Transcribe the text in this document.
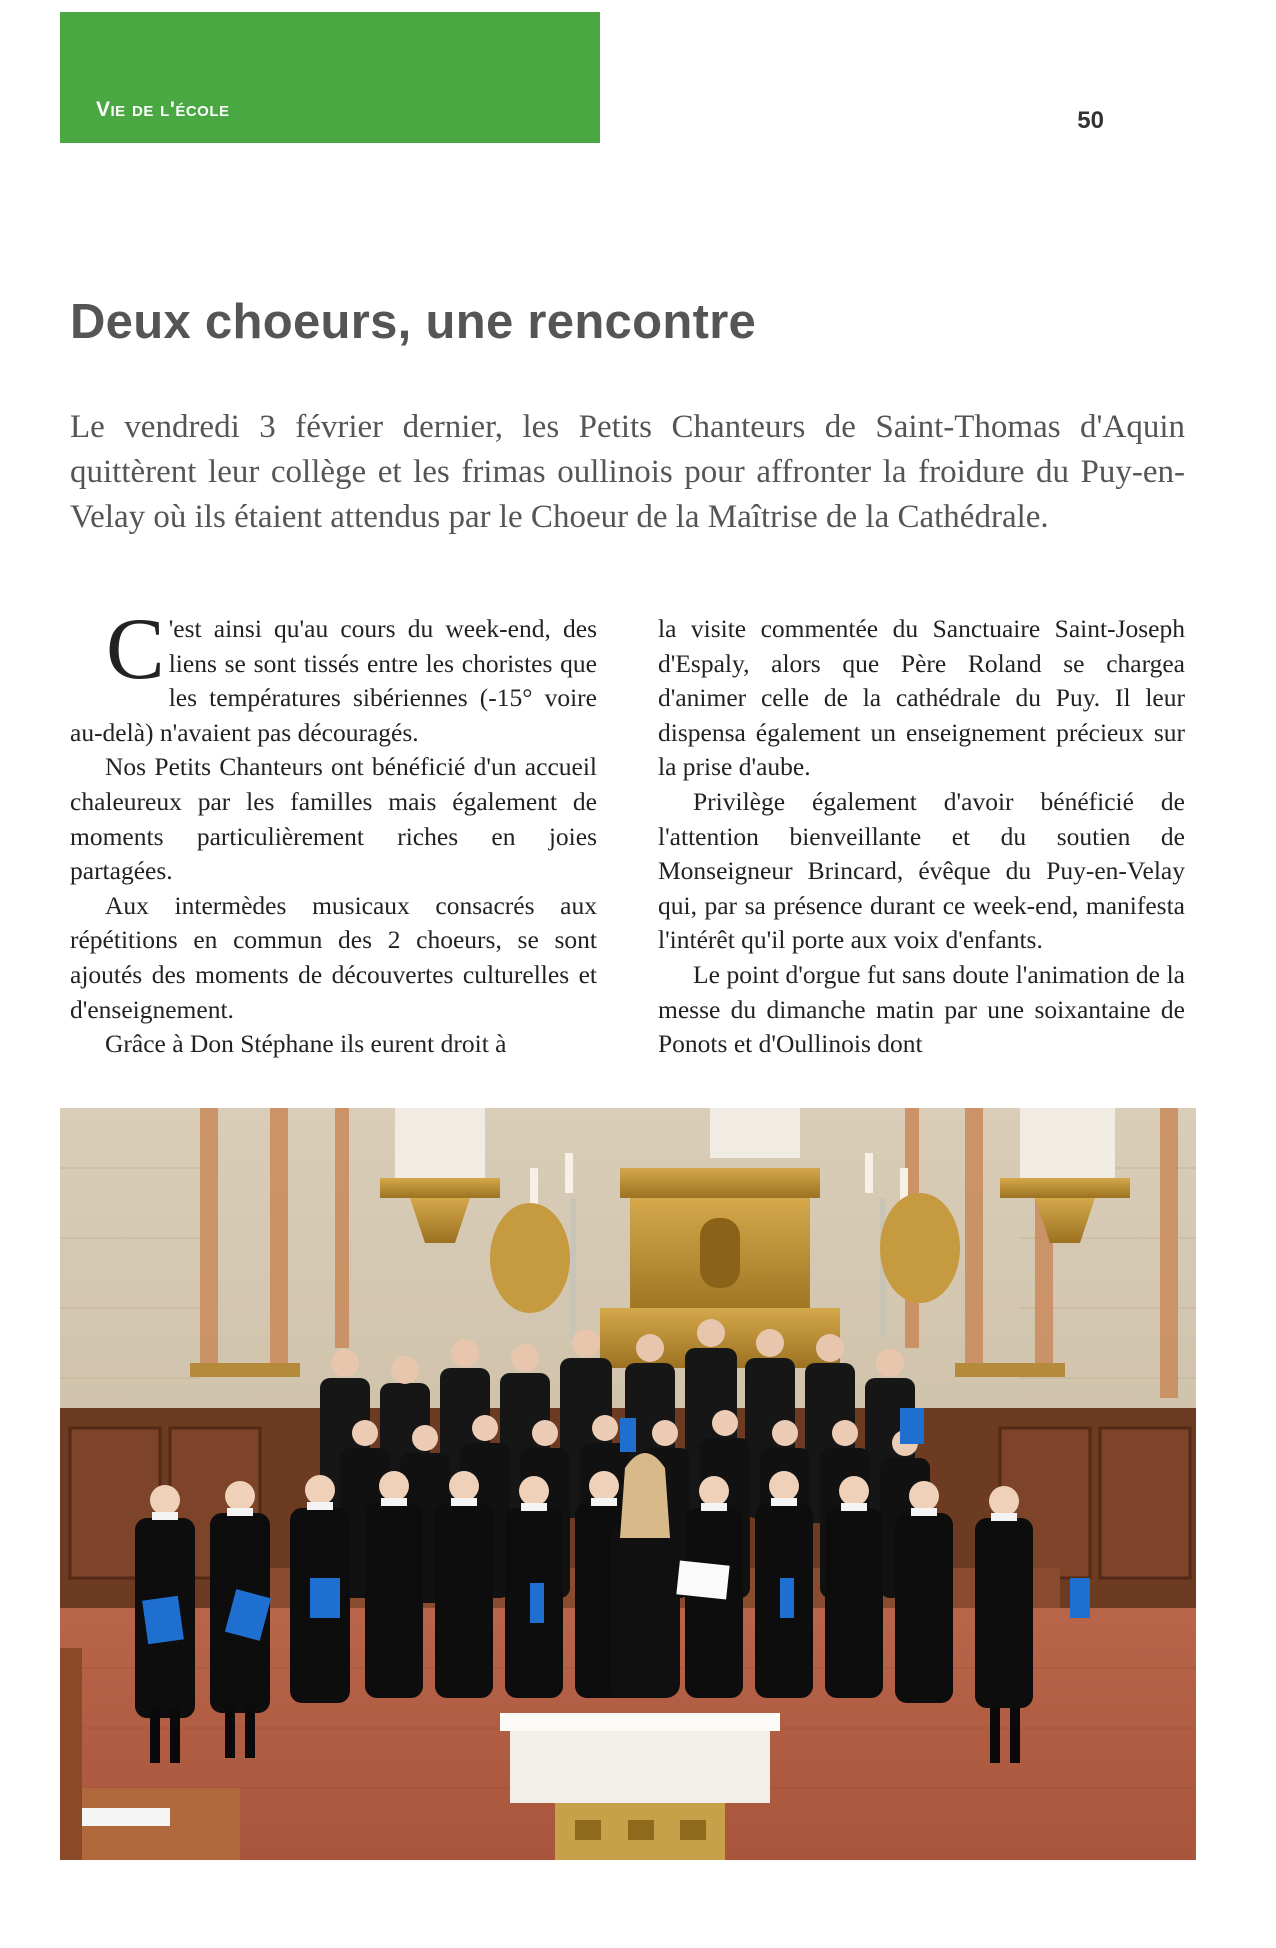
Vie de l'école	50
Deux choeurs, une rencontre

Le vendredi 3 février dernier, les Petits Chanteurs de Saint-Thomas d'Aquin quittèrent leur collège et les frimas oullinois pour affronter la froidure du Puy-en-Velay où ils étaient attendus par le Choeur de la Maîtrise de la Cathédrale.

C 'est ainsi qu'au cours du week-end, des liens se sont tissés entre les choristes que les températures sibériennes (-15° voire au-delà) n'avaient pas découragés.

Nos Petits Chanteurs ont bénéficié d'un accueil chaleureux par les familles mais également de moments particulièrement riches en joies partagées.

Aux intermèdes musicaux consacrés aux répétitions en commun des 2 choeurs, se sont ajoutés des moments de découvertes culturelles et d'enseignement.

Grâce à Don Stéphane ils eurent droit à

la visite commentée du Sanctuaire Saint-Joseph d'Espaly, alors que Père Roland se chargea d'animer celle de la cathédrale du Puy. Il leur dispensa également un enseignement précieux sur la prise d'aube.

Privilège également d'avoir bénéficié de l'attention bienveillante et du soutien de Monseigneur Brincard, évêque du Puy-en-Velay qui, par sa présence durant ce week-end, manifesta l'intérêt qu'il porte aux voix d'enfants.

Le point d'orgue fut sans doute l'animation de la messe du dimanche matin par une soixantaine de Ponots et d'Oullinois dont
